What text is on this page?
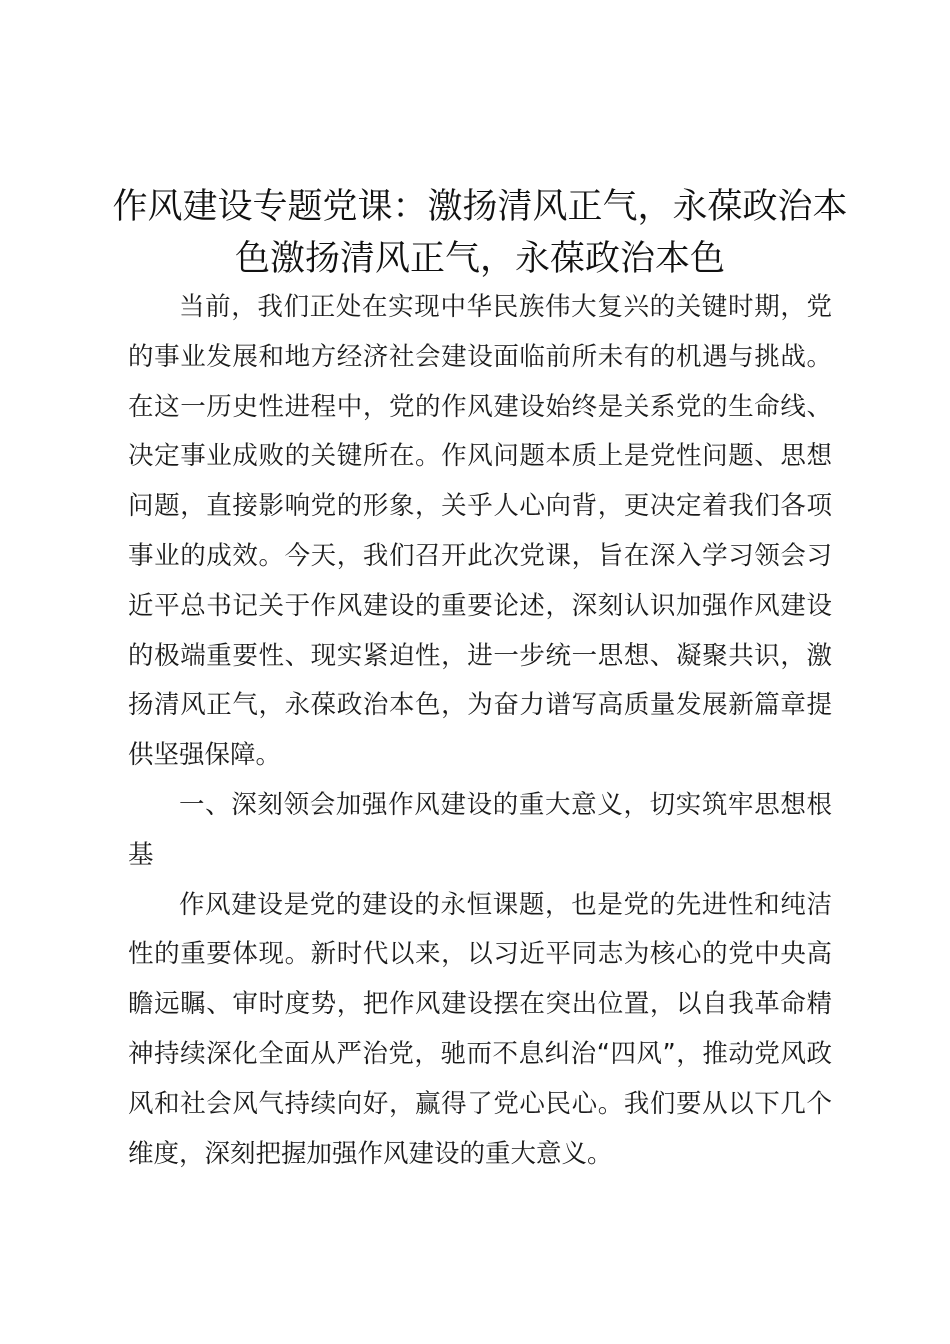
作风建设专题党课：激扬清风正气，永葆政治本色激扬清风正气，永葆政治本色

当前，我们正处在实现中华民族伟大复兴的关键时期，党的事业发展和地方经济社会建设面临前所未有的机遇与挑战。在这一历史性进程中，党的作风建设始终是关系党的生命线、决定事业成败的关键所在。作风问题本质上是党性问题、思想问题，直接影响党的形象，关乎人心向背，更决定着我们各项事业的成效。今天，我们召开此次党课，旨在深入学习领会习近平总书记关于作风建设的重要论述，深刻认识加强作风建设的极端重要性、现实紧迫性，进一步统一思想、凝聚共识，激扬清风正气，永葆政治本色，为奋力谱写高质量发展新篇章提供坚强保障。

一、深刻领会加强作风建设的重大意义，切实筑牢思想根基

作风建设是党的建设的永恒课题，也是党的先进性和纯洁性的重要体现。新时代以来，以习近平同志为核心的党中央高瞻远瞩、审时度势，把作风建设摆在突出位置，以自我革命精神持续深化全面从严治党，驰而不息纠治“四风”，推动党风政风和社会风气持续向好，赢得了党心民心。我们要从以下几个维度，深刻把握加强作风建设的重大意义。
